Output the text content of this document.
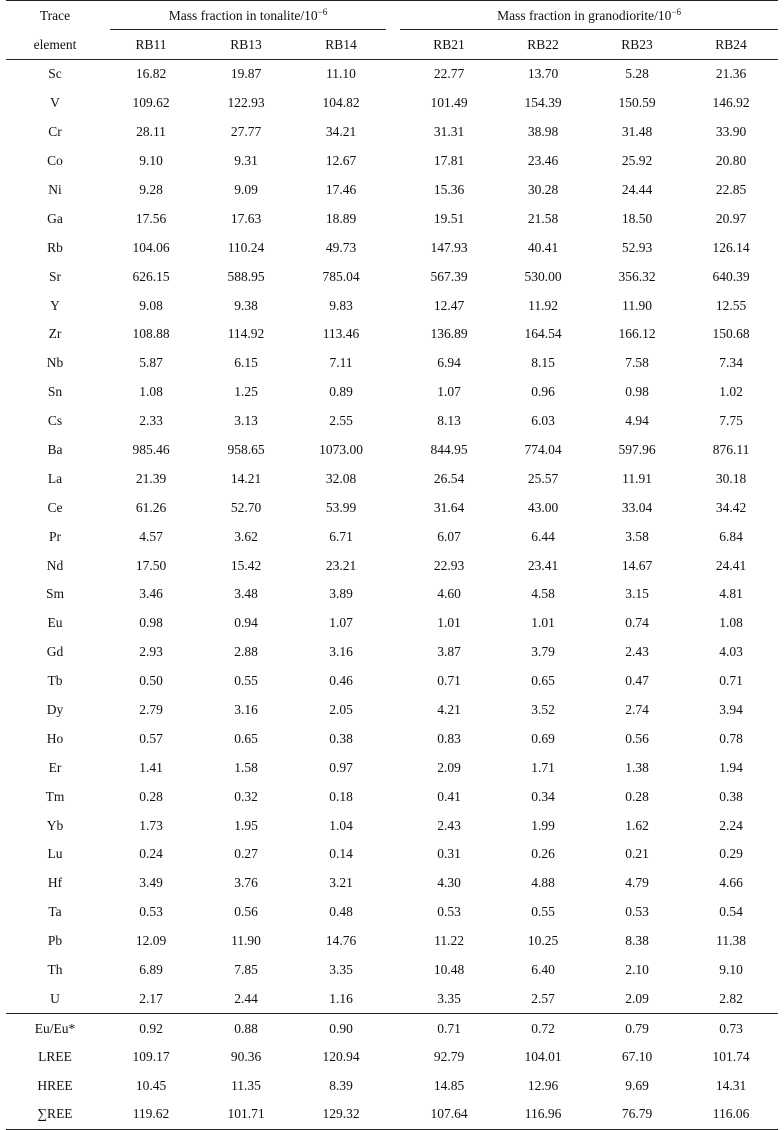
Trace	Mass fraction in tonalite/$10^{-6}$				Mass fraction in granodiorite/$10^{-6}$

element	RB11	RB13	RB14		RB21	RB22	RB23	RB24
Sc	16.82	19.87	11.10		22.77	13.70	5.28	21.36
V	109.62	122.93	104.82		101.49	154.39	150.59	146.92
Cr	28.11	27.77	34.21		31.31	38.98	31.48	33.90
Co	9.10	9.31	12.67		17.81	23.46	25.92	20.80
Ni	9.28	9.09	17.46		15.36	30.28	24.44	22.85
Ga	17.56	17.63	18.89		19.51	21.58	18.50	20.97
Rb	104.06	110.24	49.73		147.93	40.41	52.93	126.14
Sr	626.15	588.95	785.04		567.39	530.00	356.32	640.39
Y	9.08	9.38	9.83		12.47	11.92	11.90	12.55
Zr	108.88	114.92	113.46		136.89	164.54	166.12	150.68
Nb	5.87	6.15	7.11		6.94	8.15	7.58	7.34
Sn	1.08	1.25	0.89		1.07	0.96	0.98	1.02
Cs	2.33	3.13	2.55		8.13	6.03	4.94	7.75
Ba	985.46	958.65	1073.00		844.95	774.04	597.96	876.11
La	21.39	14.21	32.08		26.54	25.57	11.91	30.18
Ce	61.26	52.70	53.99		31.64	43.00	33.04	34.42
Pr	4.57	3.62	6.71		6.07	6.44	3.58	6.84
Nd	17.50	15.42	23.21		22.93	23.41	14.67	24.41
Sm	3.46	3.48	3.89		4.60	4.58	3.15	4.81
Eu	0.98	0.94	1.07		1.01	1.01	0.74	1.08
Gd	2.93	2.88	3.16		3.87	3.79	2.43	4.03
Tb	0.50	0.55	0.46		0.71	0.65	0.47	0.71
Dy	2.79	3.16	2.05		4.21	3.52	2.74	3.94
Ho	0.57	0.65	0.38		0.83	0.69	0.56	0.78
Er	1.41	1.58	0.97		2.09	1.71	1.38	1.94
Tm	0.28	0.32	0.18		0.41	0.34	0.28	0.38
Yb	1.73	1.95	1.04		2.43	1.99	1.62	2.24
Lu	0.24	0.27	0.14		0.31	0.26	0.21	0.29
Hf	3.49	3.76	3.21		4.30	4.88	4.79	4.66
Ta	0.53	0.56	0.48		0.53	0.55	0.53	0.54
Pb	12.09	11.90	14.76		11.22	10.25	8.38	11.38
Th	6.89	7.85	3.35		10.48	6.40	2.10	9.10
U	2.17	2.44	1.16		3.35	2.57	2.09	2.82
Eu/Eu*	0.92	0.88	0.90		0.71	0.72	0.79	0.73
LREE	109.17	90.36	120.94		92.79	104.01	67.10	101.74
HREE	10.45	11.35	8.39		14.85	12.96	9.69	14.31
∑REE	119.62	101.71	129.32		107.64	116.96	76.79	116.06
